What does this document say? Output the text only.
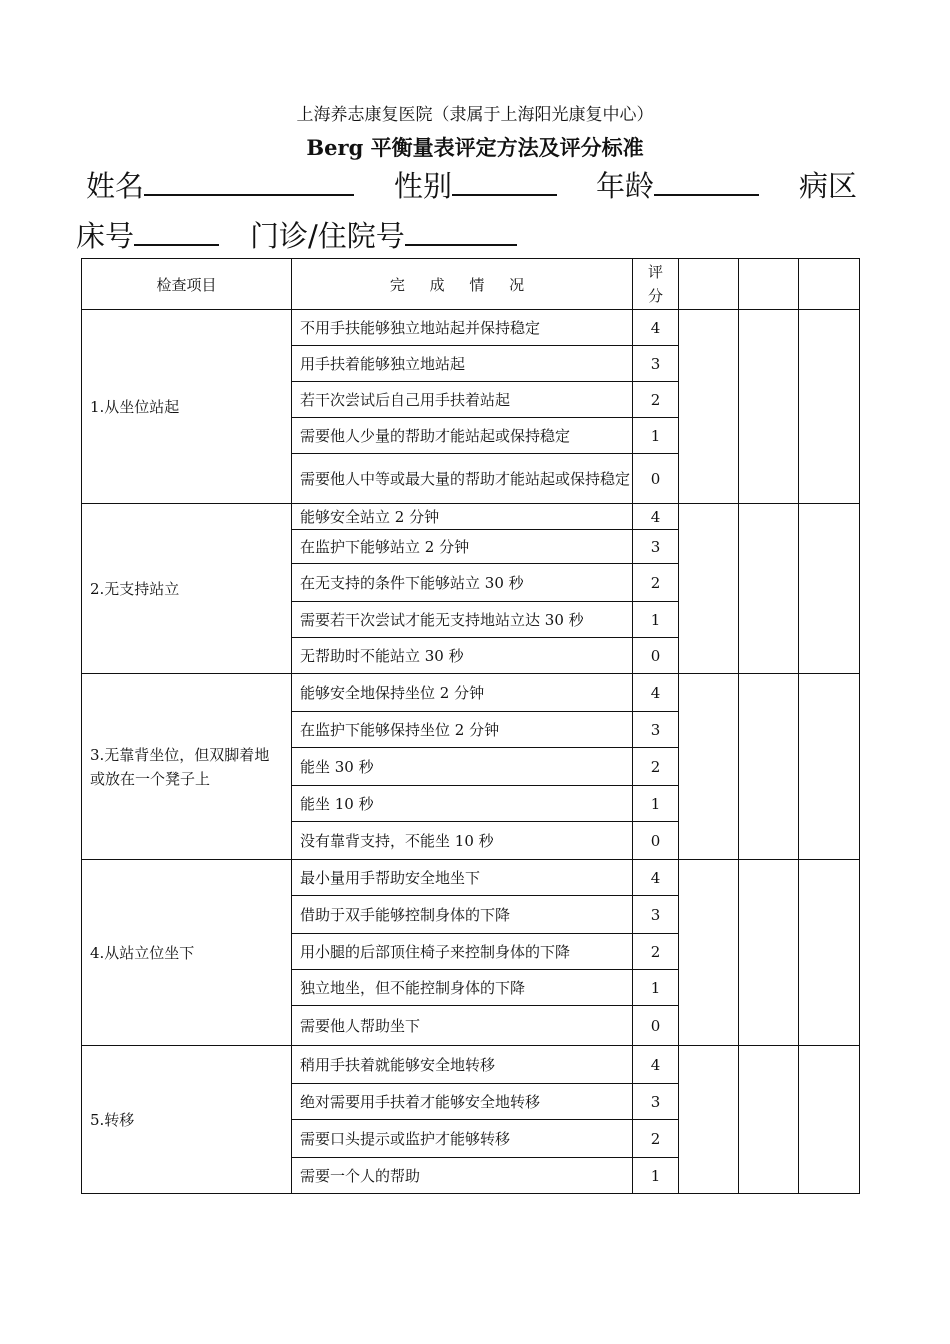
上海养志康复医院（隶属于上海阳光康复中心）
Berg 平衡量表评定方法及评分标准
姓名	性别	年龄	病区
床号	门诊/住院号
检查项目	完 成 情 况	评分			
1.从坐位站起	不用手扶能够独立地站起并保持稳定	4			
	用手扶着能够独立地站起	3			
	若干次尝试后自己用手扶着站起	2			
	需要他人少量的帮助才能站起或保持稳定	1			
	需要他人中等或最大量的帮助才能站起或保持稳定	0			
2.无支持站立	能够安全站立 2 分钟	4			
	在监护下能够站立 2 分钟	3			
	在无支持的条件下能够站立 30 秒	2			
	需要若干次尝试才能无支持地站立达 30 秒	1			
	无帮助时不能站立 30 秒	0			
3.无靠背坐位，但双脚着地或放在一个凳子上	能够安全地保持坐位 2 分钟	4			
	在监护下能够保持坐位 2 分钟	3			
	能坐 30 秒	2			
	能坐 10 秒	1			
	没有靠背支持，不能坐 10 秒	0			
4.从站立位坐下	最小量用手帮助安全地坐下	4			
	借助于双手能够控制身体的下降	3			
	用小腿的后部顶住椅子来控制身体的下降	2			
	独立地坐，但不能控制身体的下降	1			
	需要他人帮助坐下	0			
5.转移	稍用手扶着就能够安全地转移	4			
	绝对需要用手扶着才能够安全地转移	3			
	需要口头提示或监护才能够转移	2			
	需要一个人的帮助	1			
